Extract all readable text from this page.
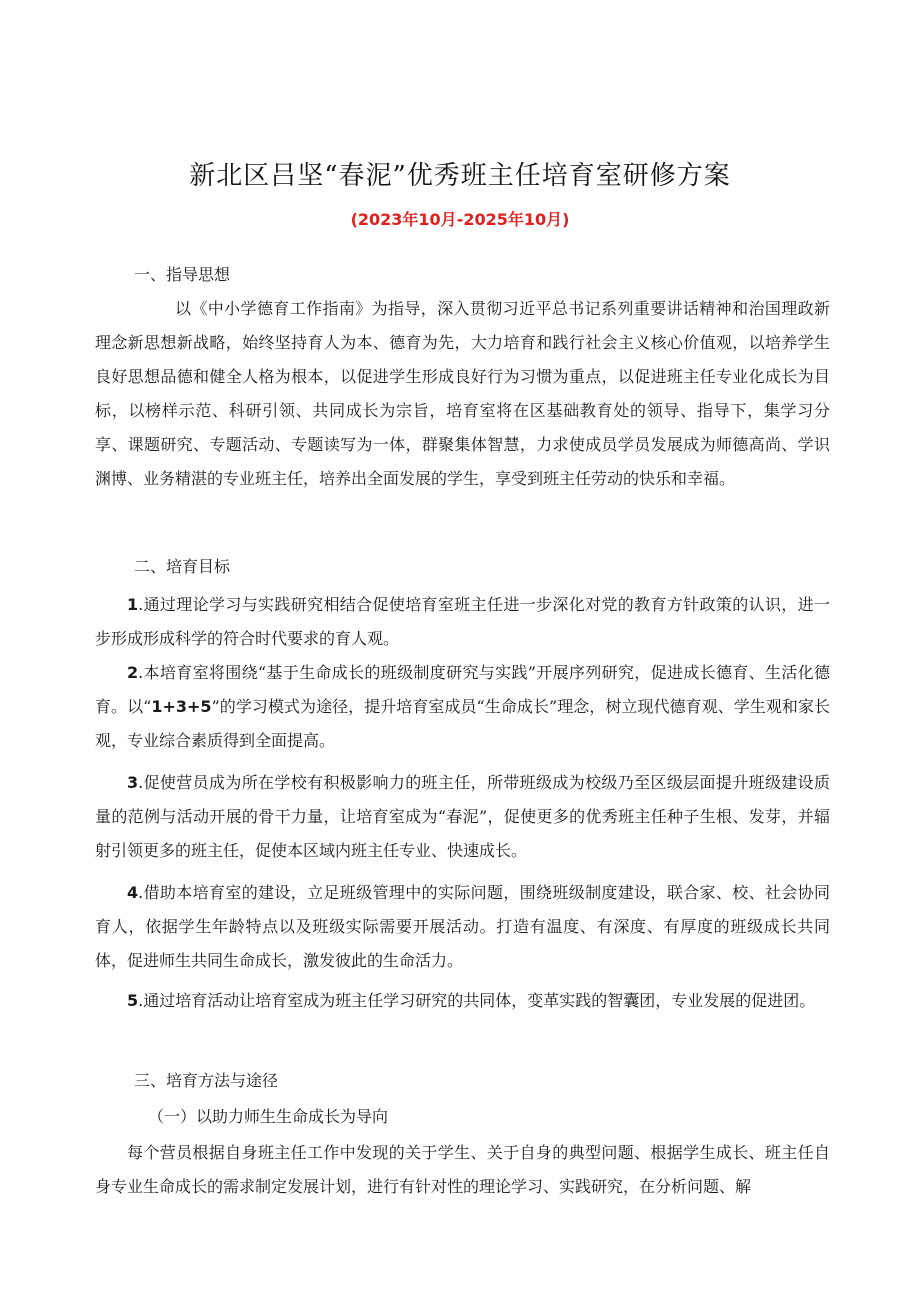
新北区吕坚“春泥”优秀班主任培育室研修方案
(2023年10月-2025年10月)
一、指导思想
以《中小学德育工作指南》为指导，深入贯彻习近平总书记系列重要讲话精神和治国理政新理念新思想新战略，始终坚持育人为本、德育为先，大力培育和践行社会主义核心价值观，以培养学生良好思想品德和健全人格为根本，以促进学生形成良好行为习惯为重点，以促进班主任专业化成长为目标，以榜样示范、科研引领、共同成长为宗旨，培育室将在区基础教育处的领导、指导下，集学习分享、课题研究、专题活动、专题读写为一体，群聚集体智慧，力求使成员学员发展成为师德高尚、学识渊博、业务精湛的专业班主任，培养出全面发展的学生，享受到班主任劳动的快乐和幸福。
二、培育目标
1.通过理论学习与实践研究相结合促使培育室班主任进一步深化对党的教育方针政策的认识，进一步形成形成科学的符合时代要求的育人观。
2.本培育室将围绕“基于生命成长的班级制度研究与实践”开展序列研究，促进成长德育、生活化德育。以“1+3+5”的学习模式为途径，提升培育室成员“生命成长”理念，树立现代德育观、学生观和家长观，专业综合素质得到全面提高。
3.促使营员成为所在学校有积极影响力的班主任，所带班级成为校级乃至区级层面提升班级建设质量的范例与活动开展的骨干力量，让培育室成为“春泥”，促使更多的优秀班主任种子生根、发芽，并辐射引领更多的班主任，促使本区域内班主任专业、快速成长。
4.借助本培育室的建设，立足班级管理中的实际问题，围绕班级制度建设，联合家、校、社会协同育人，依据学生年龄特点以及班级实际需要开展活动。打造有温度、有深度、有厚度的班级成长共同体，促进师生共同生命成长，激发彼此的生命活力。
5.通过培育活动让培育室成为班主任学习研究的共同体，变革实践的智囊团，专业发展的促进团。
三、培育方法与途径
（一）以助力师生生命成长为导向
每个营员根据自身班主任工作中发现的关于学生、关于自身的典型问题、根据学生成长、班主任自身专业生命成长的需求制定发展计划，进行有针对性的理论学习、实践研究，在分析问题、解
